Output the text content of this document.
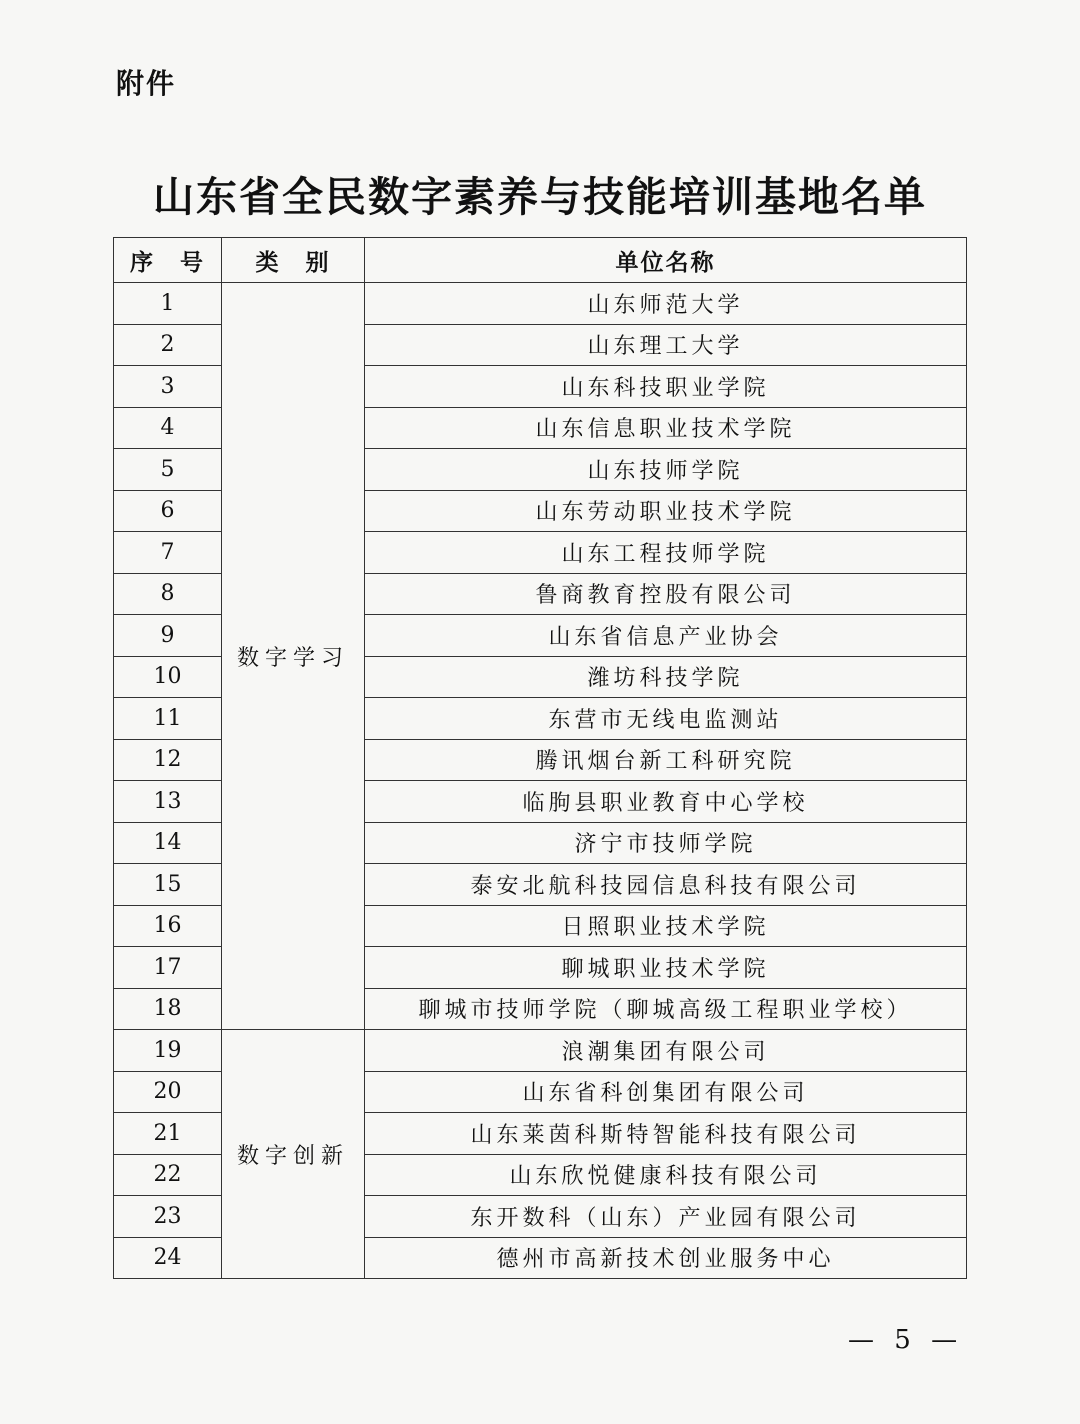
附件
山东省全民数字素养与技能培训基地名单
序　号	类　别	单位名称
1	数字学习	山东师范大学
2		山东理工大学
3		山东科技职业学院
4		山东信息职业技术学院
5		山东技师学院
6		山东劳动职业技术学院
7		山东工程技师学院
8		鲁商教育控股有限公司
9		山东省信息产业协会
10		潍坊科技学院
11		东营市无线电监测站
12		腾讯烟台新工科研究院
13		临朐县职业教育中心学校
14		济宁市技师学院
15		泰安北航科技园信息科技有限公司
16		日照职业技术学院
17		聊城职业技术学院
18		聊城市技师学院（聊城高级工程职业学校）
19	数字创新	浪潮集团有限公司
20		山东省科创集团有限公司
21		山东莱茵科斯特智能科技有限公司
22		山东欣悦健康科技有限公司
23		东开数科（山东）产业园有限公司
24		德州市高新技术创业服务中心
— 5 —
